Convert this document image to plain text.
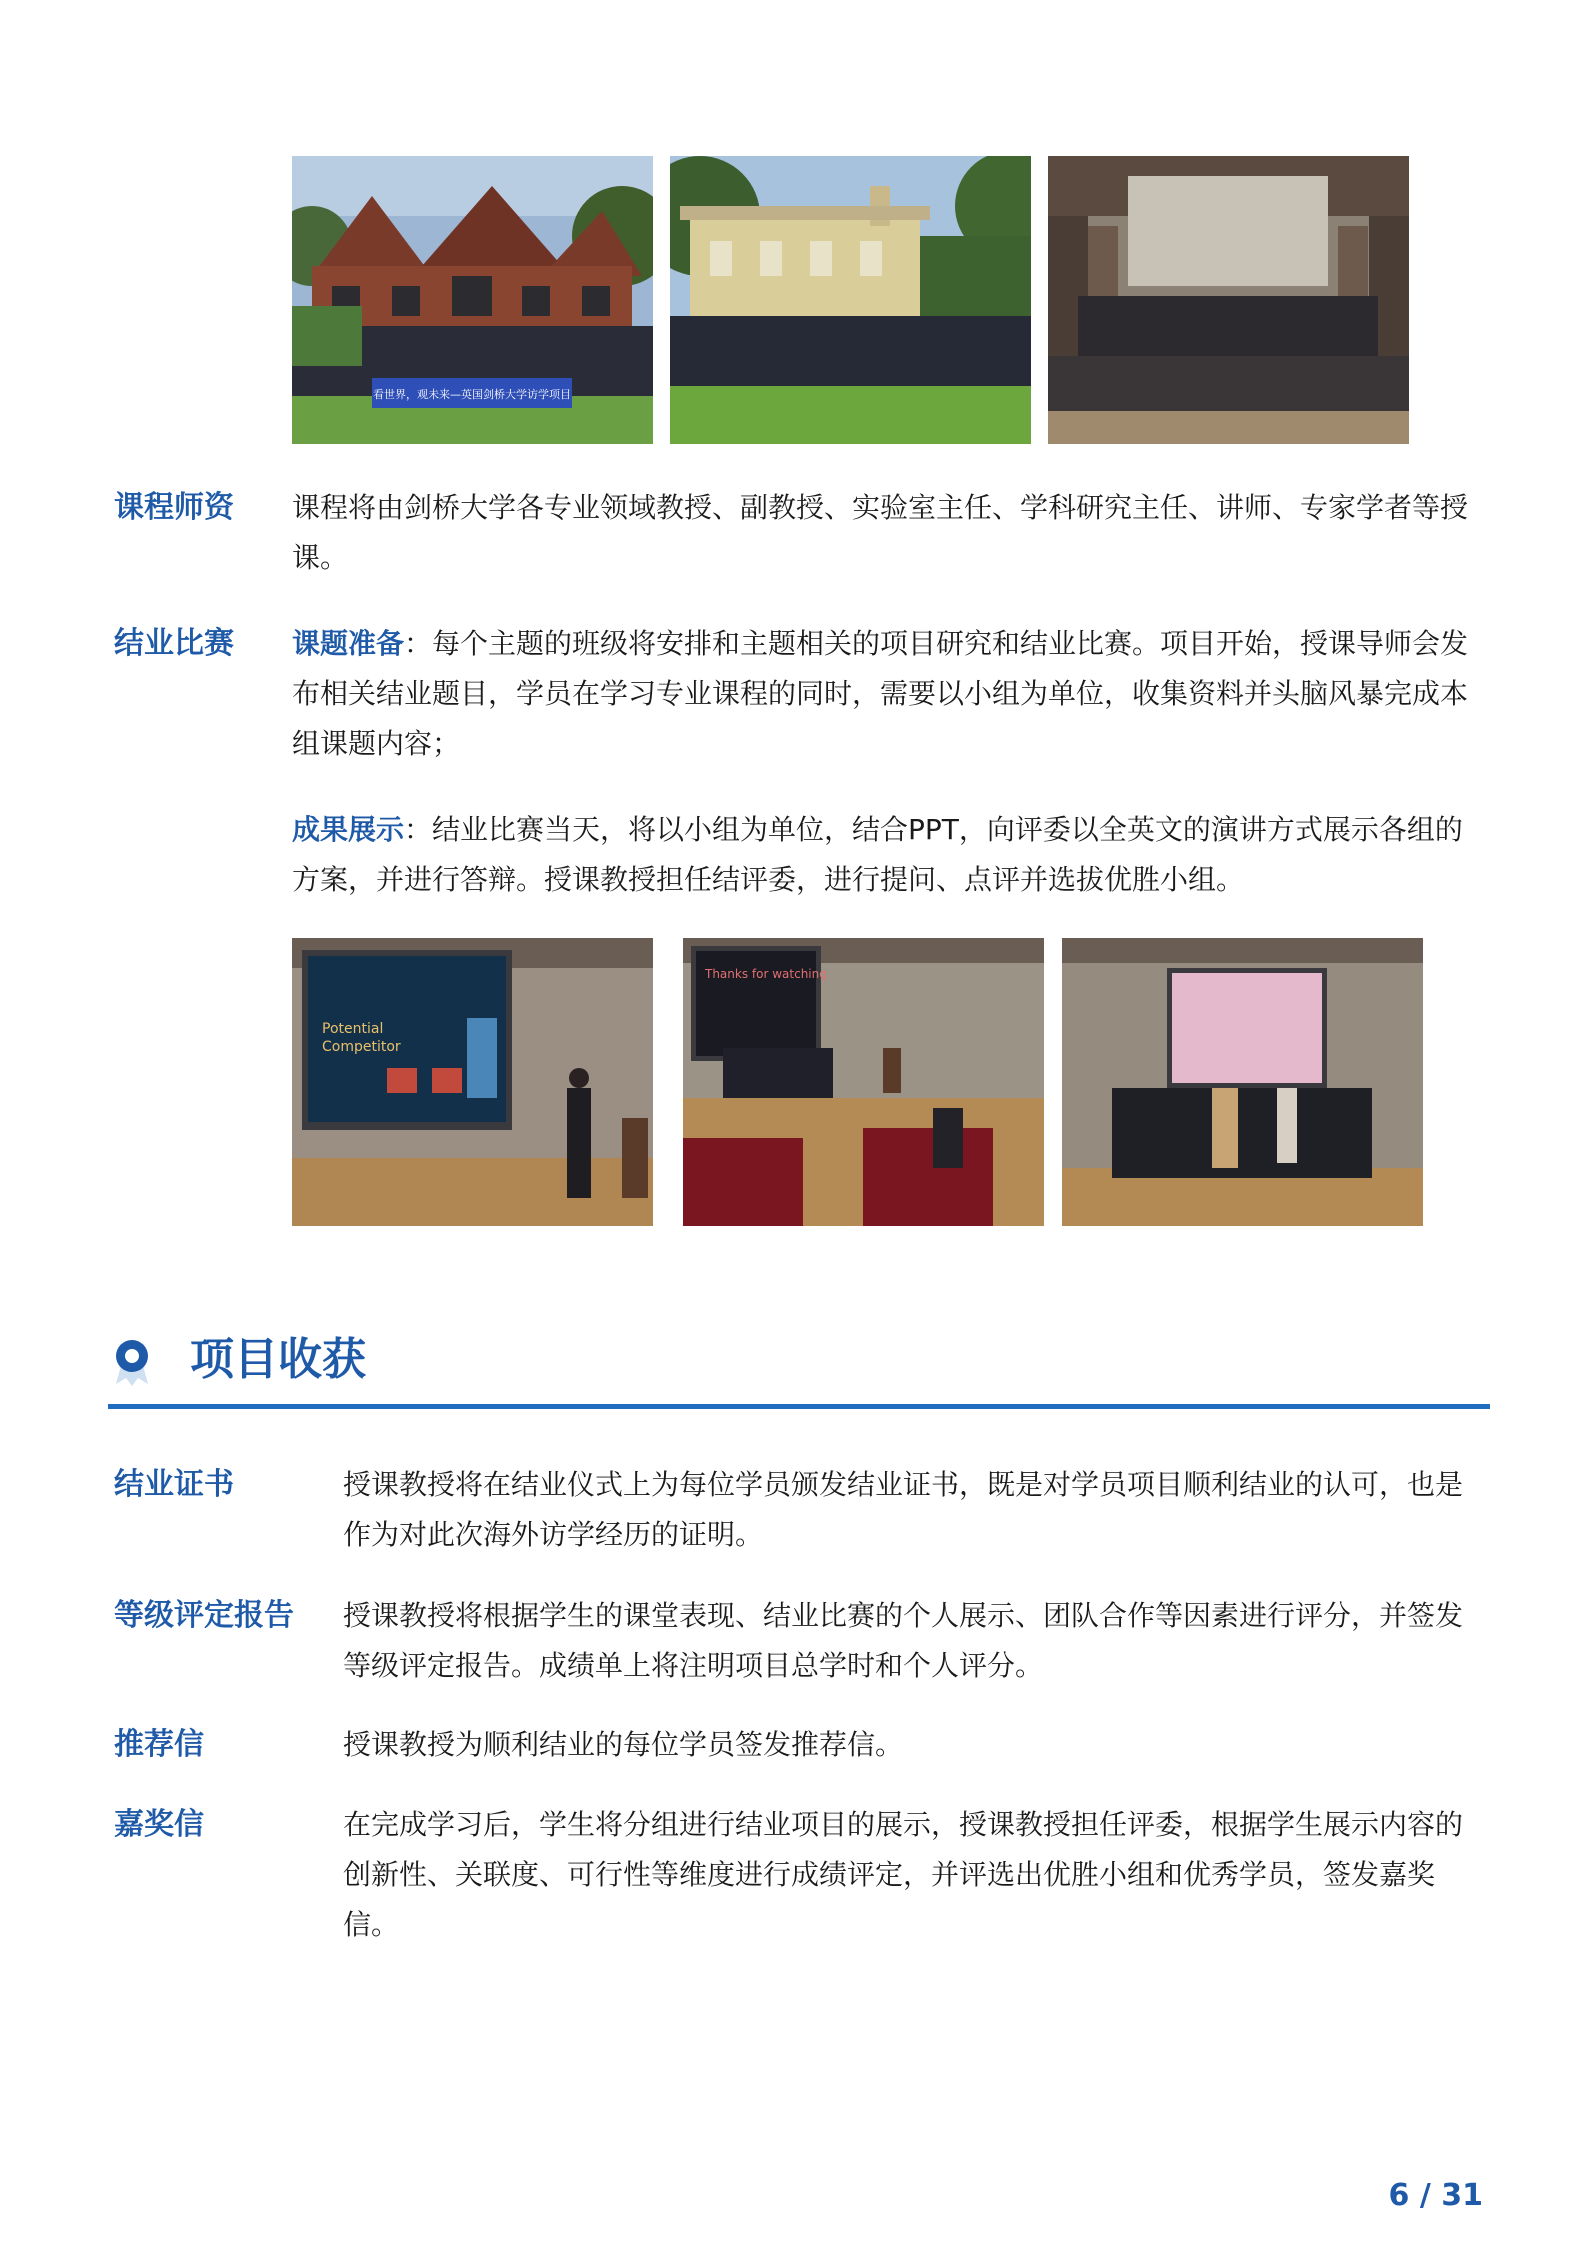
看世界，观未来—英国剑桥大学访学项目
课程师资 课程将由剑桥大学各专业领域教授、副教授、实验室主任、学科研究主任、讲师、专家学者等授课。
结业比赛 课题准备：每个主题的班级将安排和主题相关的项目研究和结业比赛。项目开始，授课导师会发布相关结业题目，学员在学习专业课程的同时，需要以小组为单位，收集资料并头脑风暴完成本组课题内容；
成果展示：结业比赛当天，将以小组为单位，结合PPT，向评委以全英文的演讲方式展示各组的方案，并进行答辩。授课教授担任结评委，进行提问、点评并选拔优胜小组。
Potential
Competitor
Thanks for watching
项目收获
结业证书	授课教授将在结业仪式上为每位学员颁发结业证书，既是对学员项目顺利结业的认可，也是作为对此次海外访学经历的证明。
等级评定报告 授课教授将根据学生的课堂表现、结业比赛的个人展示、团队合作等因素进行评分，并签发等级评定报告。成绩单上将注明项目总学时和个人评分。
推荐信	授课教授为顺利结业的每位学员签发推荐信。
嘉奖信	在完成学习后，学生将分组进行结业项目的展示，授课教授担任评委，根据学生展示内容的创新性、关联度、可行性等维度进行成绩评定，并评选出优胜小组和优秀学员，签发嘉奖信。
6 / 31
